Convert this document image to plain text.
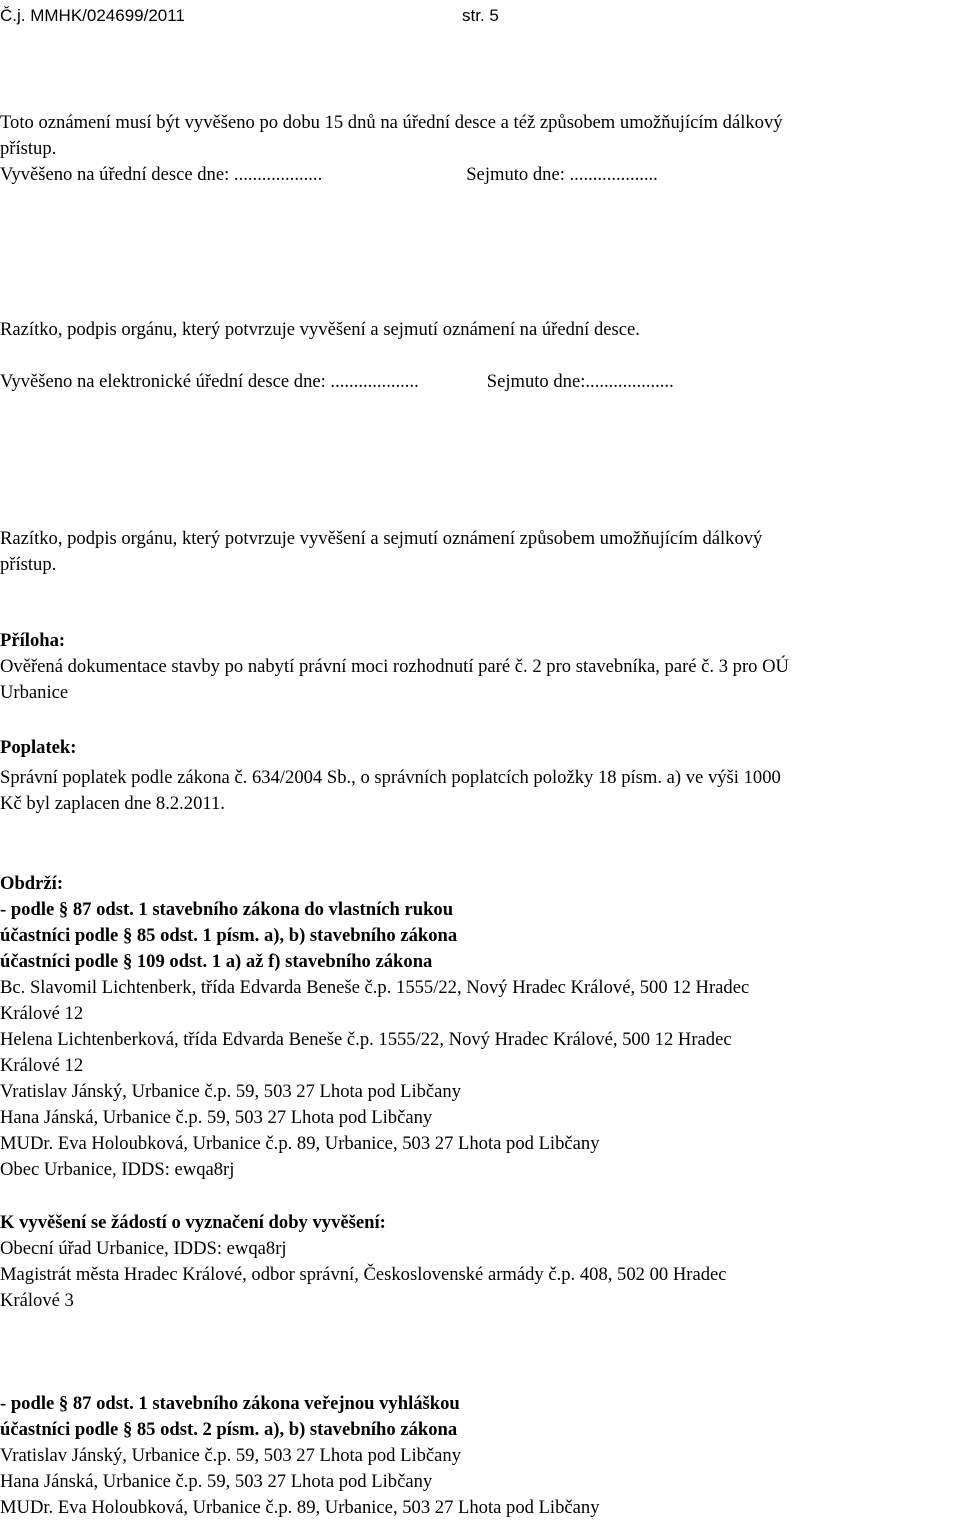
Č.j. MMHK/024699/2011	str. 5
Toto oznámení musí být vyvěšeno po dobu 15 dnů na úřední desce a též způsobem umožňujícím dálkový
přístup.
Vyvěšeno na úřední desce dne: ...................	Sejmuto dne: ...................
Razítko, podpis orgánu, který potvrzuje vyvěšení a sejmutí oznámení na úřední desce.
Vyvěšeno na elektronické úřední desce dne: ...................	Sejmuto dne:...................
Razítko, podpis orgánu, který potvrzuje vyvěšení a sejmutí oznámení způsobem umožňujícím dálkový
přístup.
Příloha:
Ověřená dokumentace stavby po nabytí právní moci rozhodnutí paré č. 2 pro stavebníka, paré č. 3 pro OÚ
Urbanice
Poplatek:
Správní poplatek podle zákona č. 634/2004 Sb., o správních poplatcích položky 18 písm. a) ve výši 1000
Kč byl zaplacen dne 8.2.2011.
Obdrží:
- podle § 87 odst. 1 stavebního zákona do vlastních rukou
účastníci podle § 85 odst. 1 písm. a), b) stavebního zákona
účastníci podle § 109 odst. 1 a) až f) stavebního zákona
Bc. Slavomil Lichtenberk, třída Edvarda Beneše č.p. 1555/22, Nový Hradec Králové, 500 12 Hradec
Králové 12
Helena Lichtenberková, třída Edvarda Beneše č.p. 1555/22, Nový Hradec Králové, 500 12 Hradec
Králové 12
Vratislav Jánský, Urbanice č.p. 59, 503 27 Lhota pod Libčany
Hana Jánská, Urbanice č.p. 59, 503 27 Lhota pod Libčany
MUDr. Eva Holoubková, Urbanice č.p. 89, Urbanice, 503 27 Lhota pod Libčany
Obec Urbanice, IDDS: ewqa8rj
K vyvěšení se žádostí o vyznačení doby vyvěšení:
Obecní úřad Urbanice, IDDS: ewqa8rj
Magistrát města Hradec Králové, odbor správní, Československé armády č.p. 408, 502 00 Hradec
Králové 3
- podle § 87 odst. 1 stavebního zákona veřejnou vyhláškou
účastníci podle § 85 odst. 2 písm. a), b) stavebního zákona
Vratislav Jánský, Urbanice č.p. 59, 503 27 Lhota pod Libčany
Hana Jánská, Urbanice č.p. 59, 503 27 Lhota pod Libčany
MUDr. Eva Holoubková, Urbanice č.p. 89, Urbanice, 503 27 Lhota pod Libčany
